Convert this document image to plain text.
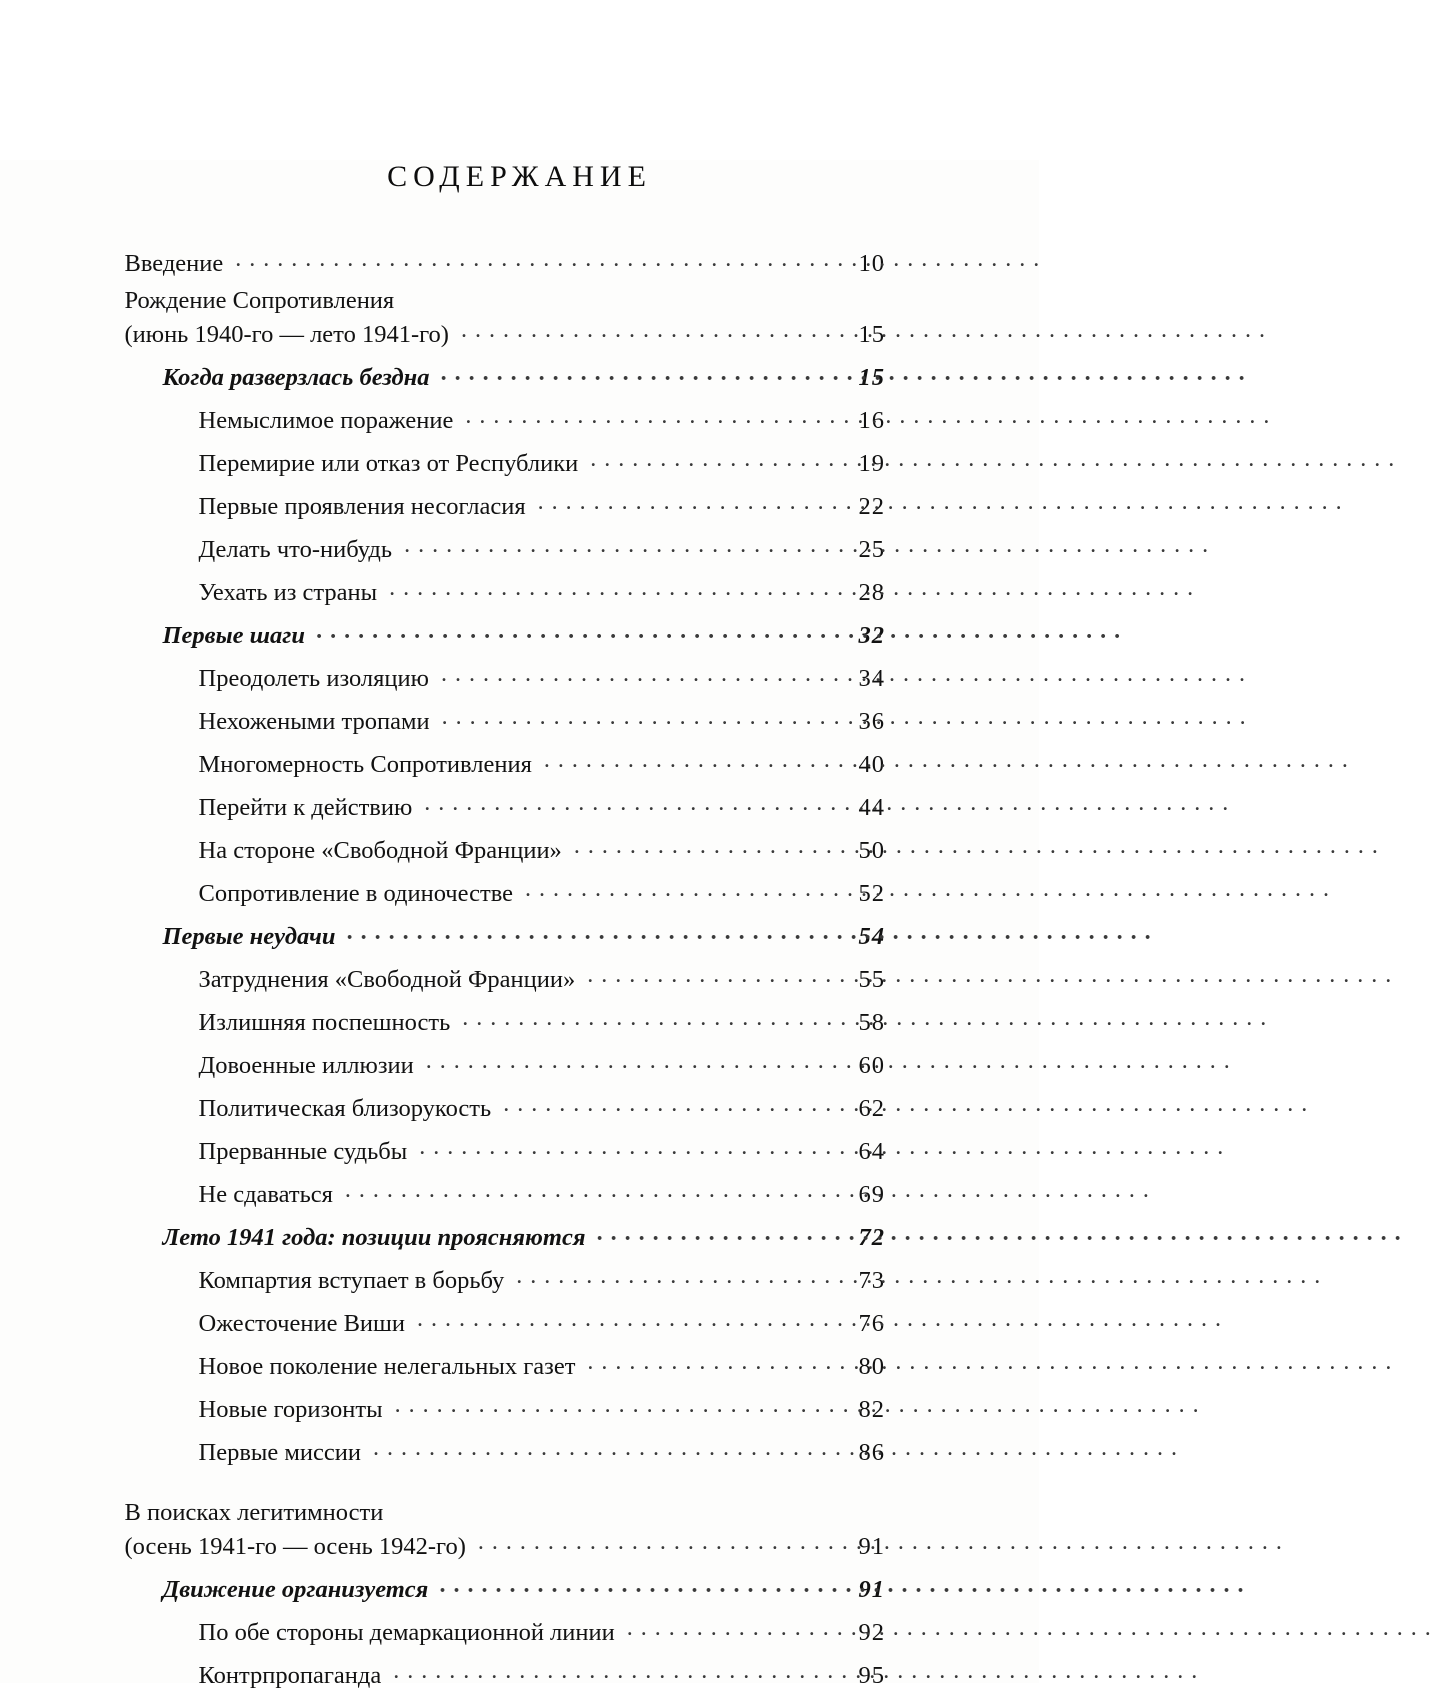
СОДЕРЖАНИЕ
Введение . .	10
Рождение Сопротивления
(июнь 1940-го — лето 1941-го) . .	15
Когда разверзлась бездна . .	15
Немыслимое поражение . .	16
Перемирие или отказ от Республики . .	19
Первые проявления несогласия . .	22
Делать что-нибудь . .	25
Уехать из страны . .	28
Первые шаги . .	32
Преодолеть изоляцию . .	34
Нехожеными тропами . .	36
Многомерность Сопротивления . .	40
Перейти к действию . .	44
На стороне «Свободной Франции» . .	50
Сопротивление в одиночестве . .	52
Первые неудачи . .	54
Затруднения «Свободной Франции» . .	55
Излишняя поспешность . .	58
Довоенные иллюзии . .	60
Политическая близорукость . .	62
Прерванные судьбы . .	64
Не сдаваться . .	69
Лето 1941 года: позиции проясняются . .	72
Компартия вступает в борьбу . .	73
Ожесточение Виши . .	76
Новое поколение нелегальных газет . .	80
Новые горизонты . .	82
Первые миссии . .	86
В поисках легитимности
(осень 1941-го — осень 1942-го) . .	91
Движение организуется . .	91
По обе стороны демаркационной линии . .	92
Контрпропаганда . .	95
